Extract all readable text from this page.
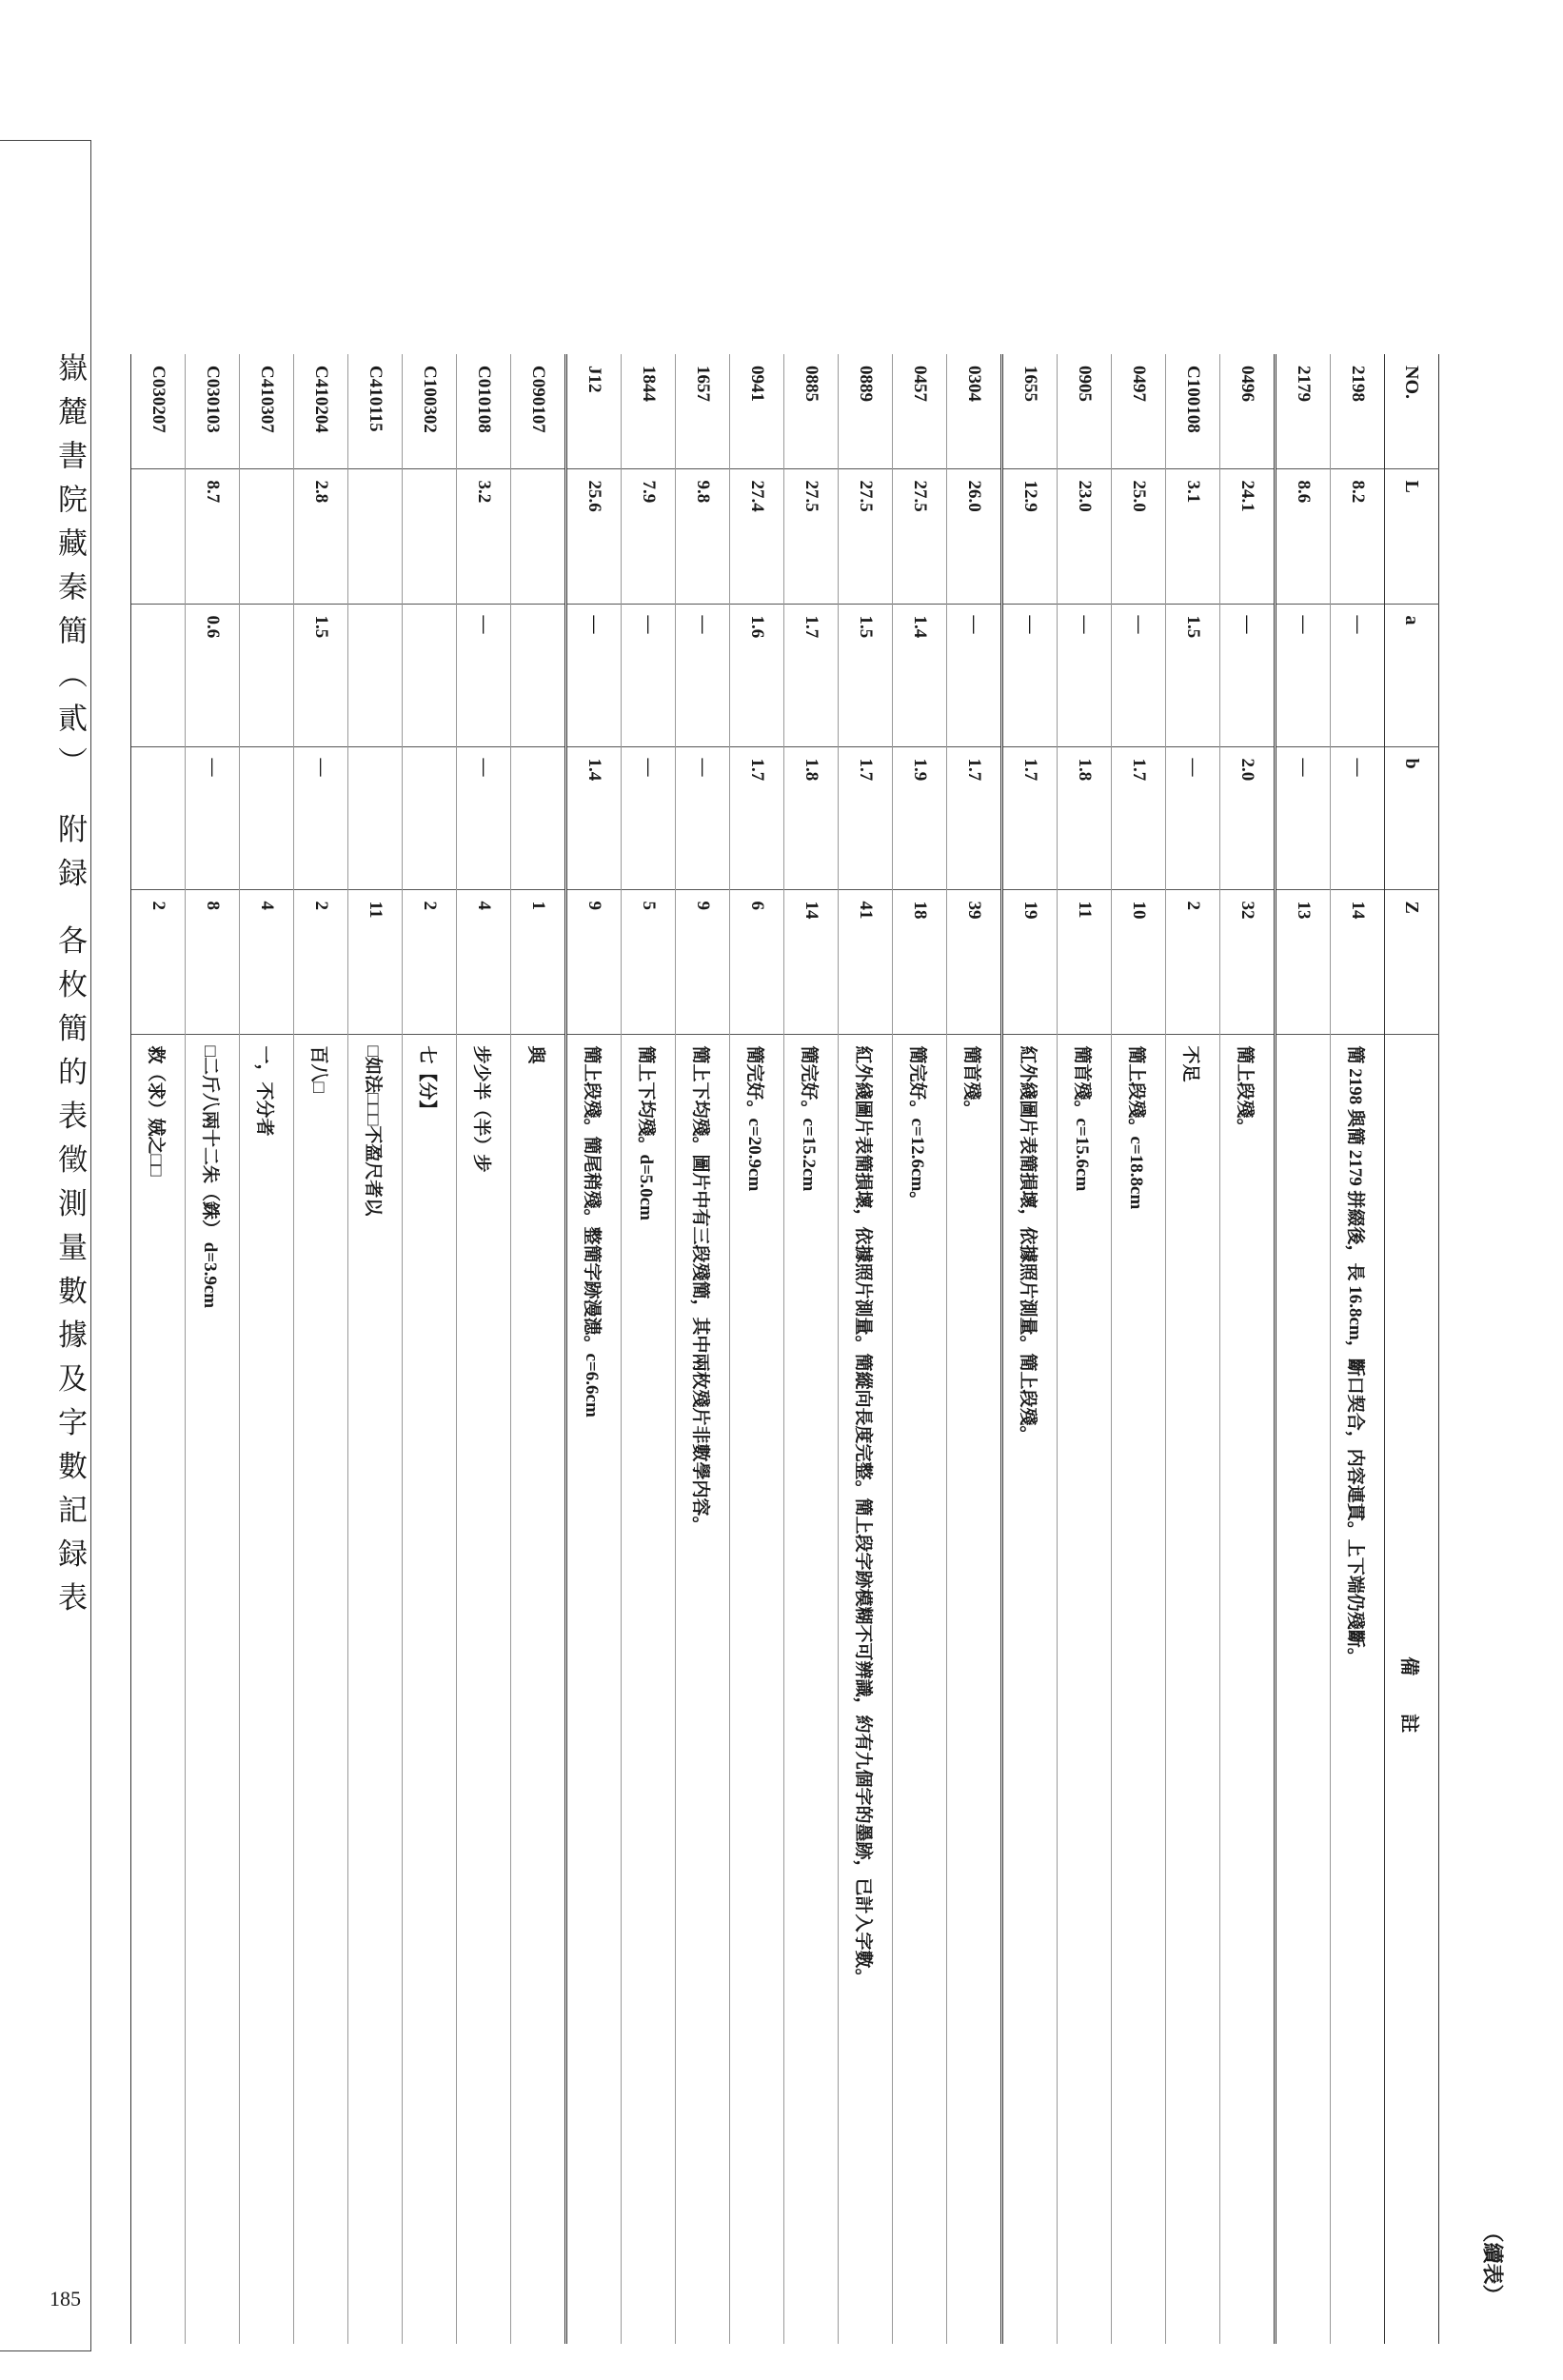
嶽麓書院藏秦簡（貳） 附録 各枚簡的表徵測量數據及字數記録表
185	（續表）
NO.	L	a	b	Z	備　　註
2198	8.2	—	—	14	簡 2198 與簡 2179 拼綴後，長 16.8cm，斷口契合，内容連貫。上下端仍殘斷。
2179	8.6	—	—	13	
0496	24.1	—	2.0	32	簡上段殘。
C100108	3.1	1.5	—	2	不足
0497	25.0	—	1.7	10	簡上段殘。c=18.8cm
0905	23.0	—	1.8	11	簡首殘。c=15.6cm
1655	12.9	—	1.7	19	紅外綫圖片表簡損壞，依據照片測量。簡上段殘。
0304	26.0	—	1.7	39	簡首殘。
0457	27.5	1.4	1.9	18	簡完好。c=12.6cm。
0889	27.5	1.5	1.7	41	紅外綫圖片表簡損壞，依據照片測量。簡縱向長度完整。簡上段字跡模糊不可辨識，約有九個字的墨跡，已計入字數。
0885	27.5	1.7	1.8	14	簡完好。c=15.2cm
0941	27.4	1.6	1.7	6	簡完好。c=20.9cm
1657	9.8	—	—	9	簡上下均殘。圖片中有三段殘簡，其中兩枚殘片非數學内容。
1844	7.9	—	—	5	簡上下均殘。d=5.0cm
J12	25.6	—	1.4	9	簡上段殘。簡尾稍殘。整簡字跡漫漶。c=6.6cm
C090107				1	與
C010108	3.2	—	—	4	步少半（半）步
C100302				2	七【分】
C410115				11	□如法□□□不盈尺者以
C410204	2.8	1.5	—	2	百八□
C410307				4	一，不分者
C030103	8.7	0.6	—	8	□二斤八兩十二朱（銖） d=3.9cm
C030207				2	救（求）娀之□□
